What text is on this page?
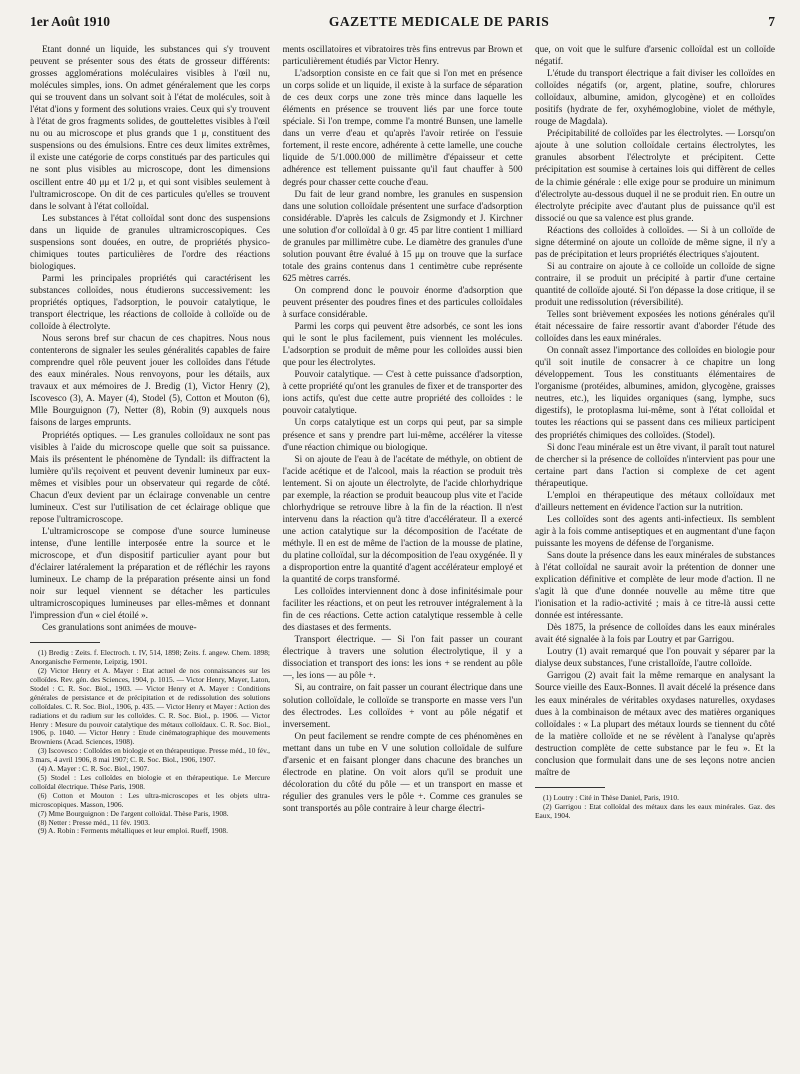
1er Août 1910	GAZETTE MEDICALE DE PARIS	7

Etant donné un liquide, les substances qui s'y trouvent peuvent se présenter sous des états de grosseur différents: grosses agglomérations moléculaires visibles à l'œil nu, molécules simples, ions. On admet généralement que les corps qui se trouvent dans un solvant soit à l'état de molécules, soit à l'état d'ions y forment des solutions vraies. Ceux qui s'y trouvent à l'état de gros fragments solides, de gouttelettes visibles à l'œil nu ou au microscope et plus grands que 1 μ, constituent des suspensions ou des émulsions. Entre ces deux limites extrêmes, il existe une catégorie de corps constitués par des particules qui ne sont plus visibles au microscope, dont les dimensions oscillent entre 40 μμ et 1/2 μ, et qui sont visibles seulement à l'ultramicroscope. On dit de ces particules qu'elles se trouvent dans le solvant à l'état colloïdal.

Les substances à l'état colloïdal sont donc des suspensions dans un liquide de granules ultramicroscopiques. Ces suspensions sont douées, en outre, de propriétés physico-chimiques toutes particulières de l'ordre des réactions biologiques.

Parmi les principales propriétés qui caractérisent les substances colloïdes, nous étudierons successivement: les propriétés optiques, l'adsorption, le pouvoir catalytique, le transport électrique, les réactions de colloïde à colloïde ou de colloïde à électrolyte.

Nous serons bref sur chacun de ces chapitres. Nous nous contenterons de signaler les seules généralités capables de faire comprendre quel rôle peuvent jouer les colloïdes dans l'étude des eaux minérales. Nous renvoyons, pour les détails, aux travaux et aux mémoires de J. Bredig (1), Victor Henry (2), Iscovesco (3), A. Mayer (4), Stodel (5), Cotton et Mouton (6), Mlle Bourguignon (7), Netter (8), Robin (9) auxquels nous faisons de larges emprunts.

Propriétés optiques. — Les granules colloïdaux ne sont pas visibles à l'aide du microscope quelle que soit sa puissance. Mais ils présentent le phénomène de Tyndall: ils diffractent la lumière qu'ils reçoivent et peuvent devenir lumineux par eux-mêmes et visibles pour un observateur qui regarde de côté. Chacun d'eux devient par un éclairage convenable un centre lumineux. C'est sur l'utilisation de cet éclairage oblique que repose l'ultramicroscope.

L'ultramicroscope se compose d'une source lumineuse intense, d'une lentille interposée entre la source et le microscope, et d'un dispositif particulier ayant pour but d'éclairer latéralement la préparation et de réfléchir les rayons lumineux. Le champ de la préparation présente ainsi un fond noir sur lequel viennent se détacher les particules ultramicroscopiques lumineuses par elles-mêmes et donnant l'impression d'un « ciel étoilé ».

Ces granulations sont animées de mouve-

(1) Bredig : Zeits. f. Electroch. t. IV, 514, 1898; Zeits. f. angew. Chem. 1898; Anorganische Fermente, Leipzig, 1901.

(2) Victor Henry et A. Mayer : Etat actuel de nos connaissances sur les colloïdes. Rev. gén. des Sciences, 1904, p. 1015. — Victor Henry, Mayer, Laton, Stodel : C. R. Soc. Biol., 1903. — Victor Henry et A. Mayer : Conditions générales de persistance et de précipitation et de redissolution des solutions colloïdales. C. R. Soc. Biol., 1906, p. 435. — Victor Henry et Mayer : Action des radiations et du radium sur les colloïdes. C. R. Soc. Biol., p. 1906. — Victor Henry : Mesure du pouvoir catalytique des métaux colloïdaux. C. R. Soc. Biol., 1906, p. 1040. — Victor Henry : Etude cinématographique des mouvements Browniens (Acad. Sciences, 1908).

(3) Iscovesco : Colloïdes en biologie et en thérapeutique. Presse méd., 10 fév., 3 mars, 4 avril 1906, 8 mai 1907; C. R. Soc. Biol., 1906, 1907.

(4) A. Mayer : C. R. Soc. Biol., 1907.

(5) Stodel : Les colloïdes en biologie et en thérapeutique. Le Mercure colloïdal électrique. Thèse Paris, 1908.

(6) Cotton et Mouton : Les ultra-microscopes et les objets ultra-microscopiques. Masson, 1906.

(7) Mme Bourguignon : De l'argent colloïdal. Thèse Paris, 1908.

(8) Netter : Presse méd., 11 fév. 1903.

(9) A. Robin : Ferments métalliques et leur emploi. Rueff, 1908.

ments oscillatoires et vibratoires très fins entrevus par Brown et particulièrement étudiés par Victor Henry.

L'adsorption consiste en ce fait que si l'on met en présence un corps solide et un liquide, il existe à la surface de séparation de ces deux corps une zone très mince dans laquelle les éléments en présence se trouvent liés par une force toute spéciale. Si l'on trempe, comme l'a montré Bunsen, une lamelle dans un verre d'eau et qu'après l'avoir retirée on l'essuie fortement, il reste encore, adhérente à cette lamelle, une couche liquide de 5/1.000.000 de millimètre d'épaisseur et cette adhérence est tellement puissante qu'il faut chauffer à 500 degrés pour chasser cette couche d'eau.

Du fait de leur grand nombre, les granules en suspension dans une solution colloïdale présentent une surface d'adsorption considérable. D'après les calculs de Zsigmondy et J. Kirchner une solution d'or colloïdal à 0 gr. 45 par litre contient 1 milliard de granules par millimètre cube. Le diamètre des granules d'une solution pouvant être évalué à 15 μμ on trouve que la surface totale des grains contenus dans 1 centimètre cube représente 625 mètres carrés.

On comprend donc le pouvoir énorme d'adsorption que peuvent présenter des poudres fines et des particules colloïdales à surface considérable.

Parmi les corps qui peuvent être adsorbés, ce sont les ions qui le sont le plus facilement, puis viennent les molécules. L'adsorption se produit de même pour les colloïdes aussi bien que pour les électrolytes.

Pouvoir catalytique. — C'est à cette puissance d'adsorption, à cette propriété qu'ont les granules de fixer et de transporter des ions actifs, qu'est due cette autre propriété des colloïdes : le pouvoir catalytique.

Un corps catalytique est un corps qui peut, par sa simple présence et sans y prendre part lui-même, accélérer la vitesse d'une réaction chimique ou biologique.

Si on ajoute de l'eau à de l'acétate de méthyle, on obtient de l'acide acétique et de l'alcool, mais la réaction se produit très lentement. Si on ajoute un électrolyte, de l'acide chlorhydrique par exemple, la réaction se produit beaucoup plus vite et l'acide chlorhydrique se retrouve libre à la fin de la réaction. Il n'est intervenu dans la réaction qu'à titre d'accélérateur. Il a exercé une action catalytique sur la décomposition de l'acétate de méthyle. Il en est de même de l'action de la mousse de platine, du platine colloïdal, sur la décomposition de l'eau oxygénée. Il y a disproportion entre la quantité d'agent accélérateur employé et la quantité de corps transformé.

Les colloïdes interviennent donc à dose infinitésimale pour faciliter les réactions, et on peut les retrouver intégralement à la fin de ces réactions. Cette action catalytique ressemble à celle des diastases et des ferments.

Transport électrique. — Si l'on fait passer un courant électrique à travers une solution électrolytique, il y a dissociation et transport des ions: les ions + se rendent au pôle —, les ions — au pôle +.

Si, au contraire, on fait passer un courant électrique dans une solution colloïdale, le colloïde se transporte en masse vers l'un des électrodes. Les colloïdes + vont au pôle négatif et inversement.

On peut facilement se rendre compte de ces phénomènes en mettant dans un tube en V une solution colloïdale de sulfure d'arsenic et en faisant plonger dans chacune des branches un électrode en platine. On voit alors qu'il se produit une décoloration du côté du pôle — et un transport en masse et régulier des granules vers le pôle +. Comme ces granules se sont transportés au pôle contraire à leur charge électri-

que, on voit que le sulfure d'arsenic colloïdal est un colloïde négatif.

L'étude du transport électrique a fait diviser les colloïdes en colloïdes négatifs (or, argent, platine, soufre, chlorures colloïdaux, albumine, amidon, glycogène) et en colloïdes positifs (hydrate de fer, oxyhémoglobine, violet de méthyle, rouge de Magdala).

Précipitabilité de colloïdes par les électrolytes. — Lorsqu'on ajoute à une solution colloïdale certains électrolytes, les granules absorbent l'électrolyte et précipitent. Cette précipitation est soumise à certaines lois qui diffèrent de celles de la chimie générale : elle exige pour se produire un minimum d'électrolyte au-dessous duquel il ne se produit rien. En outre un électrolyte précipite avec d'autant plus de puissance qu'il est dissocié ou que sa valence est plus grande.

Réactions des colloïdes à colloïdes. — Si à un colloïde de signe déterminé on ajoute un colloïde de même signe, il n'y a pas de précipitation et leurs propriétés électriques s'ajoutent.

Si au contraire on ajoute à ce colloïde un colloïde de signe contraire, il se produit un précipité à partir d'une certaine quantité de colloïde ajouté. Si l'on dépasse la dose critique, il se produit une redissolution (réversibilité).

Telles sont brièvement exposées les notions générales qu'il était nécessaire de faire ressortir avant d'aborder l'étude des colloïdes dans les eaux minérales.

On connaît assez l'importance des colloïdes en biologie pour qu'il soit inutile de consacrer à ce chapitre un long développement. Tous les constituants élémentaires de l'organisme (protéides, albumines, amidon, glycogène, graisses neutres, etc.), les liquides organiques (sang, lymphe, sucs digestifs), le protoplasma lui-même, sont à l'état colloïdal et toutes les réactions qui se passent dans ces milieux participent des propriétés chimiques des colloïdes. (Stodel).

Si donc l'eau minérale est un être vivant, il paraît tout naturel de chercher si la présence de colloïdes n'intervient pas pour une certaine part dans l'action si complexe de cet agent thérapeutique.

L'emploi en thérapeutique des métaux colloïdaux met d'ailleurs nettement en évidence l'action sur la nutrition.

Les colloïdes sont des agents anti-infectieux. Ils semblent agir à la fois comme antiseptiques et en augmentant d'une façon puissante les moyens de défense de l'organisme.

Sans doute la présence dans les eaux minérales de substances à l'état colloïdal ne saurait avoir la prétention de donner une explication définitive et complète de leur mode d'action. Il ne s'agit là que d'une donnée nouvelle au même titre que l'ionisation et la radio-activité ; mais à ce titre-là aussi cette donnée est intéressante.

Dès 1875, la présence de colloïdes dans les eaux minérales avait été signalée à la fois par Loutry et par Garrigou.

Loutry (1) avait remarqué que l'on pouvait y séparer par la dialyse deux substances, l'une cristalloïde, l'autre colloïde.

Garrigou (2) avait fait la même remarque en analysant la Source vieille des Eaux-Bonnes. Il avait décelé la présence dans les eaux minérales de véritables oxydases naturelles, oxydases dues à la combinaison de métaux avec des matières organiques colloïdales : « La plupart des métaux lourds se tiennent du côté de la matière colloïde et ne se révèlent à l'analyse qu'après destruction complète de cette substance par le feu ». Et la conclusion que formulait dans une de ses leçons notre ancien maître de

(1) Loutry : Cité in Thèse Daniel, Paris, 1910.

(2) Garrigou : Etat colloïdal des métaux dans les eaux minérales. Gaz. des Eaux, 1904.
